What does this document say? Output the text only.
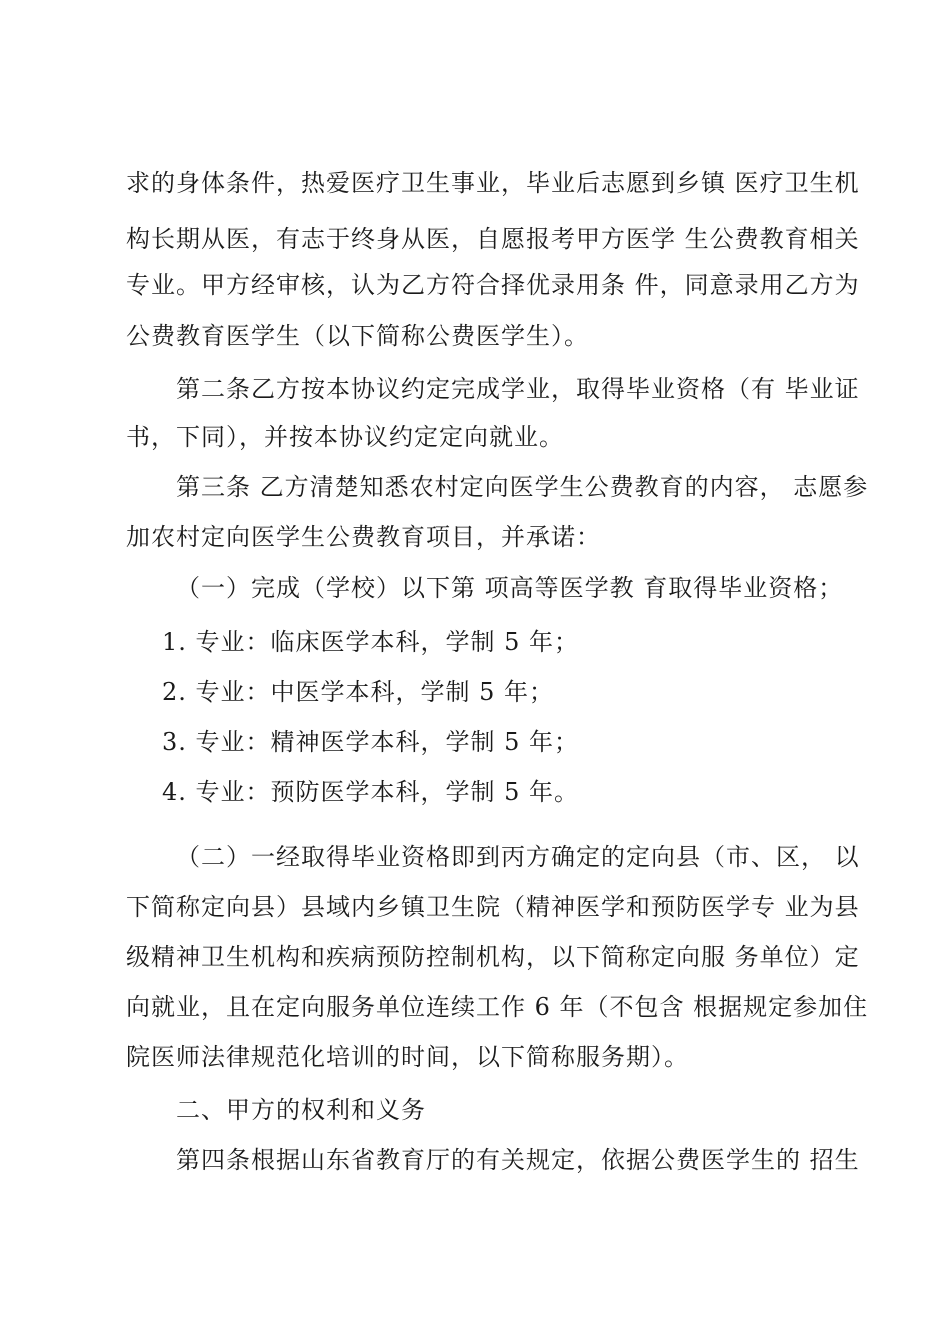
求的身体条件，热爱医疗卫生事业，毕业后志愿到乡镇 医疗卫生机
构长期从医，有志于终身从医，自愿报考甲方医学 生公费教育相关
专业。甲方经审核，认为乙方符合择优录用条 件，同意录用乙方为
公费教育医学生（以下简称公费医学生）。
第二条乙方按本协议约定完成学业，取得毕业资格（有 毕业证
书，下同），并按本协议约定定向就业。
第三条 乙方清楚知悉农村定向医学生公费教育的内容， 志愿参
加农村定向医学生公费教育项目，并承诺：
（一）完成（学校）以下第 项高等医学教 育取得毕业资格；
1. 专业：临床医学本科，学制 5 年；
2. 专业：中医学本科，学制 5 年；
3. 专业：精神医学本科，学制 5 年；
4. 专业：预防医学本科，学制 5 年。
（二）一经取得毕业资格即到丙方确定的定向县（市、区， 以
下简称定向县）县域内乡镇卫生院（精神医学和预防医学专 业为县
级精神卫生机构和疾病预防控制机构，以下简称定向服 务单位）定
向就业，且在定向服务单位连续工作 6 年（不包含 根据规定参加住
院医师法律规范化培训的时间，以下简称服务期）。
二、甲方的权利和义务
第四条根据山东省教育厅的有关规定，依据公费医学生的 招生
